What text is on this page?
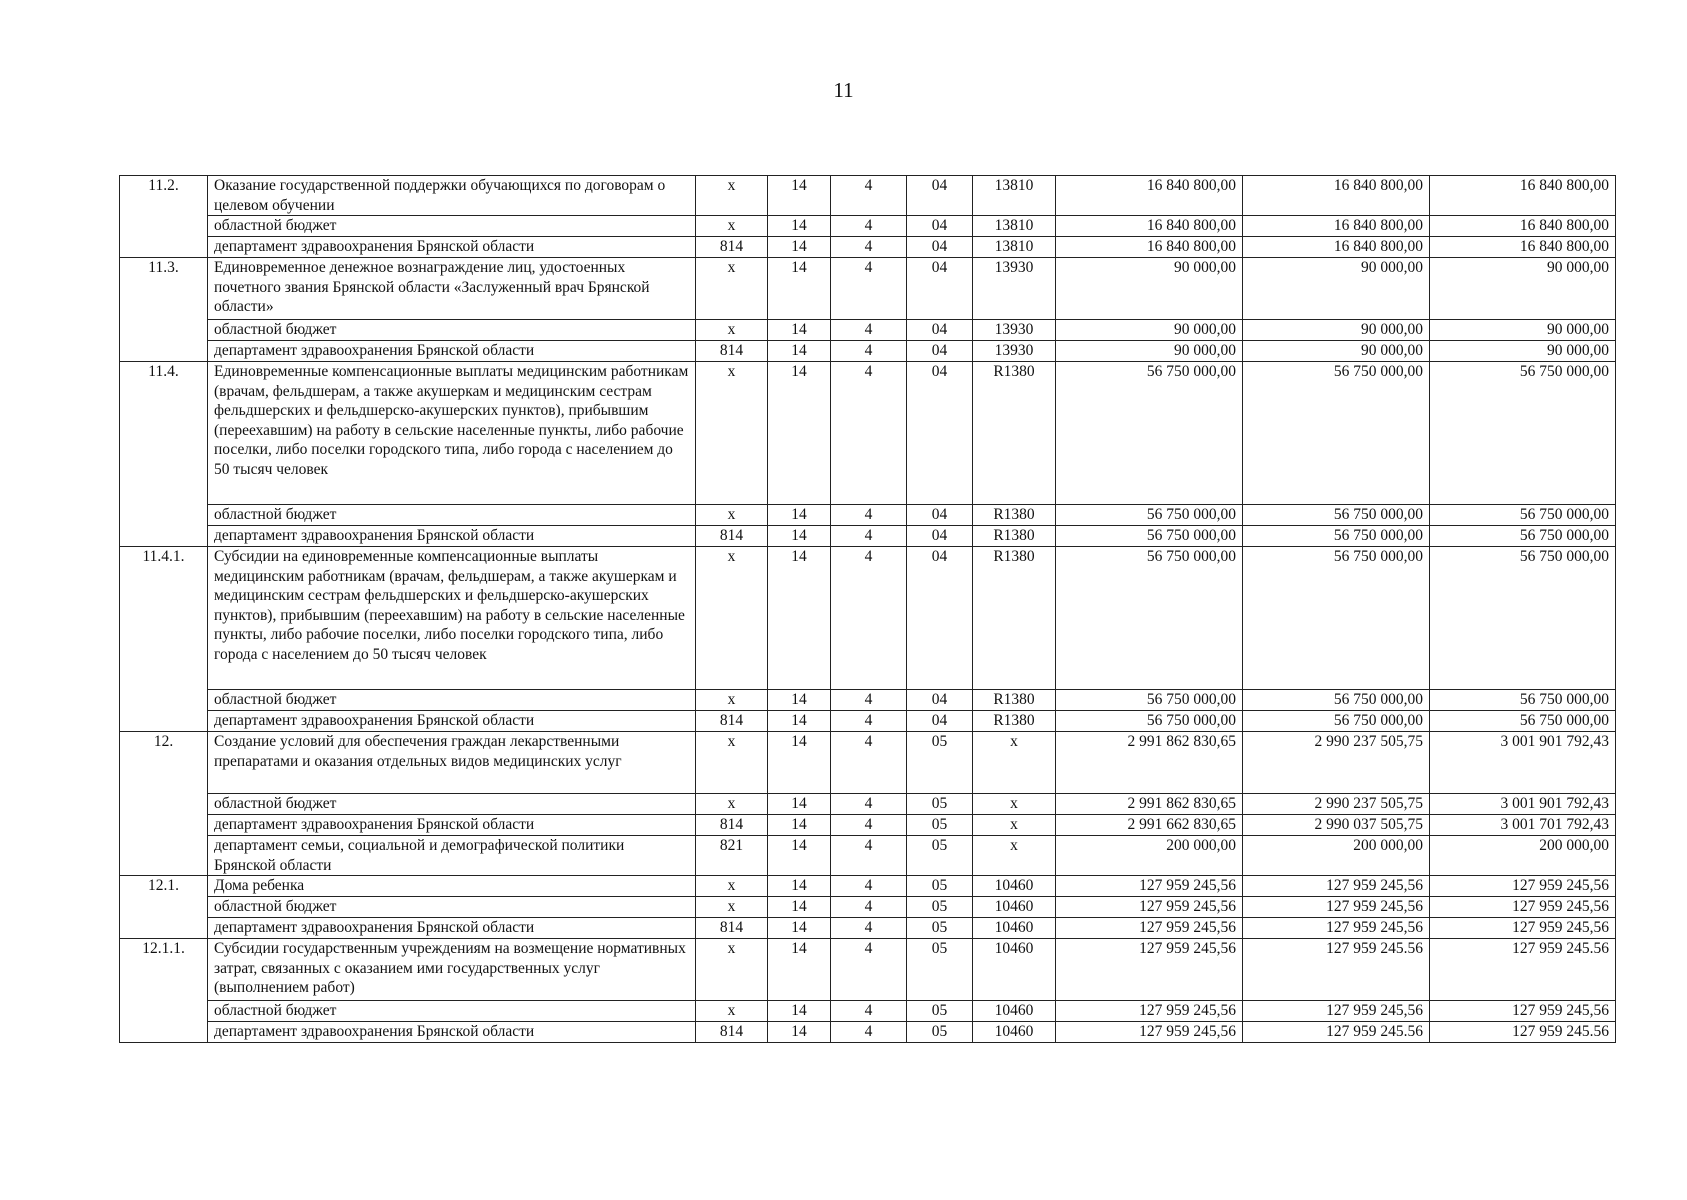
11
11.2.	Оказание государственной поддержки обучающихся по договорам о целевом обучении	х	14	4	04	13810	16 840 800,00	16 840 800,00	16 840 800,00
	областной бюджет	х	14	4	04	13810	16 840 800,00	16 840 800,00	16 840 800,00
	департамент здравоохранения Брянской области	814	14	4	04	13810	16 840 800,00	16 840 800,00	16 840 800,00
11.3.	Единовременное денежное вознаграждение лиц, удостоенных почетного звания Брянской области «Заслуженный врач Брянской области»	х	14	4	04	13930	90 000,00	90 000,00	90 000,00
	областной бюджет	х	14	4	04	13930	90 000,00	90 000,00	90 000,00
	департамент здравоохранения Брянской области	814	14	4	04	13930	90 000,00	90 000,00	90 000,00
11.4.	Единовременные компенсационные выплаты медицинским работникам (врачам, фельдшерам, а также акушеркам и медицинским сестрам фельдшерских и фельдшерско-акушерских пунктов), прибывшим (переехавшим) на работу в сельские населенные пункты, либо рабочие поселки, либо поселки городского типа, либо города с населением до 50 тысяч человек	х	14	4	04	R1380	56 750 000,00	56 750 000,00	56 750 000,00
	областной бюджет	х	14	4	04	R1380	56 750 000,00	56 750 000,00	56 750 000,00
	департамент здравоохранения Брянской области	814	14	4	04	R1380	56 750 000,00	56 750 000,00	56 750 000,00
11.4.1.	Субсидии на единовременные компенсационные выплаты медицинским работникам (врачам, фельдшерам, а также акушеркам и медицинским сестрам фельдшерских и фельдшерско-акушерских пунктов), прибывшим (переехавшим) на работу в сельские населенные пункты, либо рабочие поселки, либо поселки городского типа, либо города с населением до 50 тысяч человек	х	14	4	04	R1380	56 750 000,00	56 750 000,00	56 750 000,00
	областной бюджет	х	14	4	04	R1380	56 750 000,00	56 750 000,00	56 750 000,00
	департамент здравоохранения Брянской области	814	14	4	04	R1380	56 750 000,00	56 750 000,00	56 750 000,00
12.	Создание условий для обеспечения граждан лекарственными препаратами и оказания отдельных видов медицинских услуг	х	14	4	05	х	2 991 862 830,65	2 990 237 505,75	3 001 901 792,43
	областной бюджет	х	14	4	05	х	2 991 862 830,65	2 990 237 505,75	3 001 901 792,43
	департамент здравоохранения Брянской области	814	14	4	05	х	2 991 662 830,65	2 990 037 505,75	3 001 701 792,43
	департамент семьи, социальной и демографической политики Брянской области	821	14	4	05	х	200 000,00	200 000,00	200 000,00
12.1.	Дома ребенка	х	14	4	05	10460	127 959 245,56	127 959 245,56	127 959 245,56
	областной бюджет	х	14	4	05	10460	127 959 245,56	127 959 245,56	127 959 245,56
	департамент здравоохранения Брянской области	814	14	4	05	10460	127 959 245,56	127 959 245,56	127 959 245,56
12.1.1.	Субсидии государственным учреждениям на возмещение нормативных затрат, связанных с оказанием ими государственных услуг (выполнением работ)	х	14	4	05	10460	127 959 245,56	127 959 245.56	127 959 245.56
	областной бюджет	х	14	4	05	10460	127 959 245,56	127 959 245,56	127 959 245,56
	департамент здравоохранения Брянской области	814	14	4	05	10460	127 959 245,56	127 959 245.56	127 959 245.56
